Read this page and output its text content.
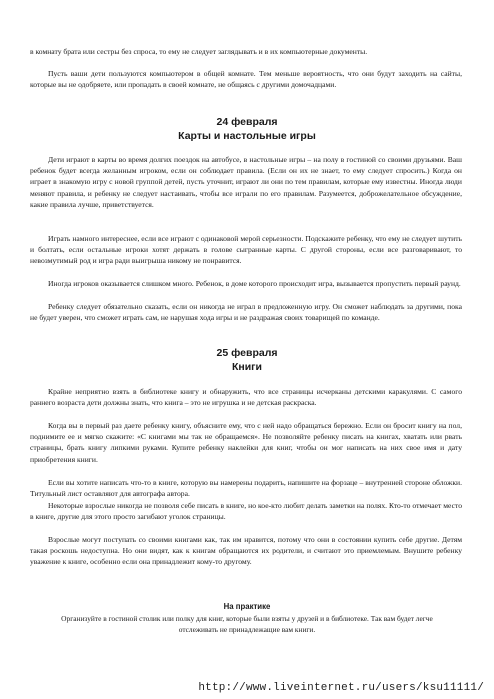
в комнату брата или сестры без спроса, то ему не следует заглядывать и в их компьютерные документы.

Пусть ваши дети пользуются компьютером в общей комнате. Тем меньше вероятность, что они будут заходить на сайты, которые вы не одобряете, или пропадать в своей комнате, не общаясь с другими домочадцами.

24 февраля

Карты и настольные игры

Дети играют в карты во время долгих поездок на автобусе, в настольные игры – на полу в гостиной со своими друзьями. Ваш ребенок будет всегда желанным игроком, если он соблюдает правила. (Если он их не знает, то ему следует спросить.) Когда он играет в знакомую игру с новой группой детей, пусть уточнит, играют ли они по тем правилам, которые ему известны. Иногда люди меняют правила, и ребенку не следует настаивать, чтобы все играли по его правилам. Разумеется, доброжелательное обсуждение, какие правила лучше, приветствуется.

Играть намного интереснее, если все играют с одинаковой мерой серьезности. Подскажите ребенку, что ему не следует шутить и болтать, если остальные игроки хотят держать в голове сыгранные карты. С другой стороны, если все разговаривают, то невозмутимый род и игра ради выигрыша никому не понравится.

Иногда игроков оказывается слишком много. Ребенок, в доме которого происходит игра, вызывается пропустить первый раунд.

Ребенку следует обязательно сказать, если он никогда не играл в предложенную игру. Он сможет наблюдать за другими, пока не будет уверен, что сможет играть сам, не нарушая хода игры и не раздражая своих товарищей по команде.

25 февраля

Книги

Крайне неприятно взять в библиотеке книгу и обнаружить, что все страницы исчерканы детскими каракулями. С самого раннего возраста дети должны знать, что книга – это не игрушка и не детская раскраска.

Когда вы в первый раз даете ребенку книгу, объясните ему, что с ней надо обращаться бережно. Если он бросит книгу на пол, поднимите ее и мягко скажите: «С книгами мы так не обращаемся». Не позволяйте ребенку писать на книгах, хватать или рвать страницы, брать книгу липкими руками. Купите ребенку наклейки для книг, чтобы он мог написать на них свое имя и дату приобретения книги.

Если вы хотите написать что-то в книге, которую вы намерены подарить, напишите на форзаце – внутренней стороне обложки. Титульный лист оставляют для автографа автора.

Некоторые взрослые никогда не позволя себе писать в книге, но кое-кто любит делать заметки на полях. Кто-то отмечает место в книге, другие для этого просто загибают уголок страницы.

Взрослые могут поступать со своими книгами как, так им нравится, потому что они в состоянии купить себе другие. Детям такая роскошь недоступна. Но они видят, как к книгам обращаются их родители, и считают это приемлемым. Внушите ребенку уважение к книге, особенно если она принадлежит кому-то другому.

На практике

Организуйте в гостиной столик или полку для книг, которые были взяты у друзей и в библиотеке. Так вам будет легче отслеживать не принадлежащие вам книги.

http://www.liveinternet.ru/users/ksu11111/
